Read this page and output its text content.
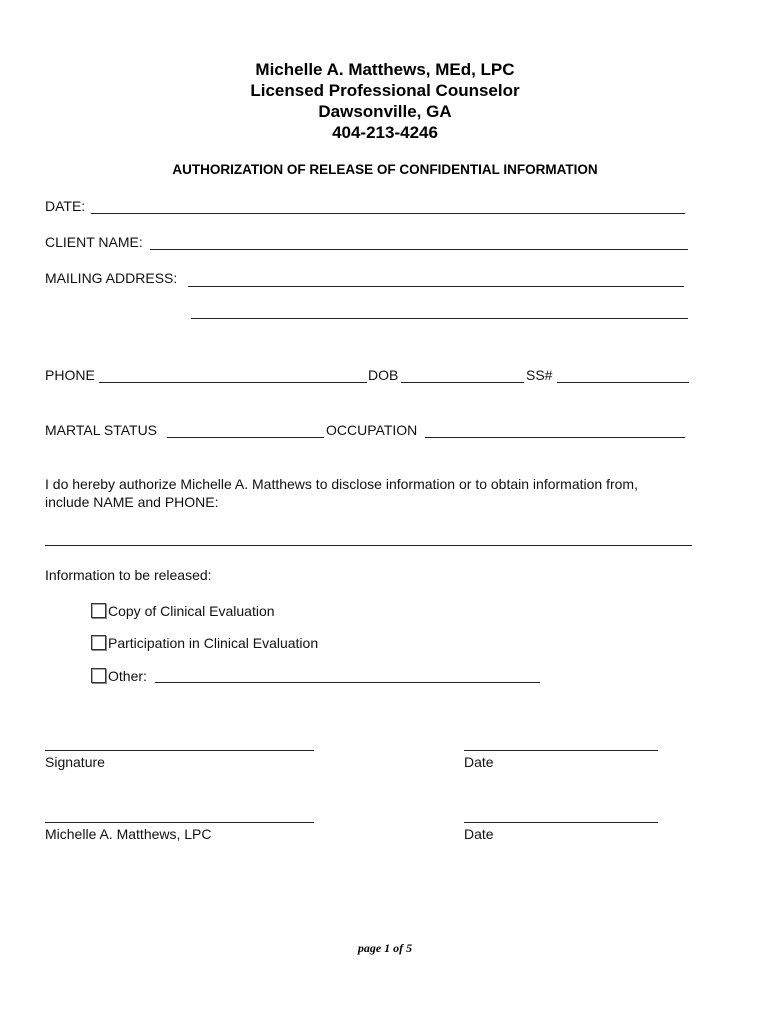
Michelle A. Matthews, MEd, LPC
Licensed Professional Counselor
Dawsonville, GA
404-213-4246
AUTHORIZATION OF RELEASE OF CONFIDENTIAL INFORMATION
DATE:
CLIENT NAME:
MAILING ADDRESS:
PHONE	DOB	SS#
MARTAL STATUS	OCCUPATION
I do hereby authorize Michelle A. Matthews to disclose information or to obtain information from,
include NAME and PHONE:
Information to be released:
Copy of Clinical Evaluation
Participation in Clinical Evaluation
Other:
Signature	Date
Michelle A. Matthews, LPC	Date
page 1 of 5
